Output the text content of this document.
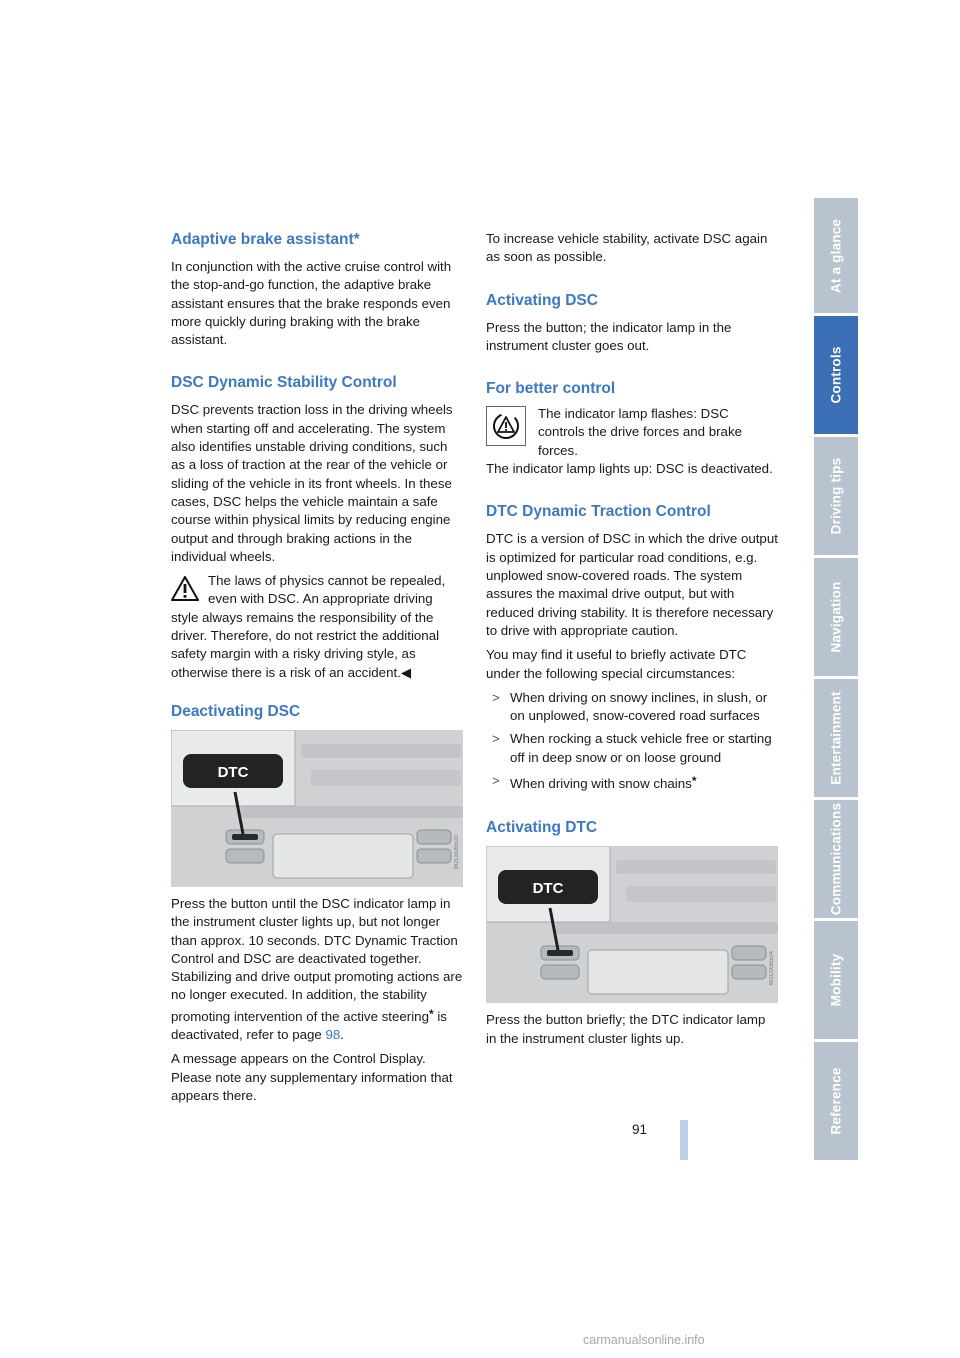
At a glance
Controls
Driving tips
Navigation
Entertainment
Communications
Mobility
Reference
Adaptive brake assistant*

In conjunction with the active cruise control with the stop-and-go function, the adaptive brake assistant ensures that the brake responds even more quickly during braking with the brake assistant.

DSC Dynamic Stability Control

DSC prevents traction loss in the driving wheels when starting off and accelerating. The system also identifies unstable driving conditions, such as a loss of traction at the rear of the vehicle or sliding of the vehicle in its front wheels. In these cases, DSC helps the vehicle maintain a safe course within physical limits by reducing engine output and through braking actions in the individual wheels.

The laws of physics cannot be repealed, even with DSC. An appropriate driving

style always remains the responsibility of the driver. Therefore, do not restrict the additional safety margin with a risky driving style, as otherwise there is a risk of an accident.◀

Deactivating DSC
DTC
W2C0065D0

Press the button until the DSC indicator lamp in the instrument cluster lights up, but not longer than approx. 10 seconds. DTC Dynamic Traction Control and DSC are deactivated together. Stabilizing and drive output promoting actions are no longer executed. In addition, the stability promoting intervention of the active steering* is deactivated, refer to page 98.

A message appears on the Control Display. Please note any supplementary information that appears there.

To increase vehicle stability, activate DSC again as soon as possible.

Activating DSC

Press the button; the indicator lamp in the instrument cluster goes out.

For better control

The indicator lamp flashes: DSC controls the drive forces and brake forces.

The indicator lamp lights up: DSC is deactivated.

DTC Dynamic Traction Control

DTC is a version of DSC in which the drive output is optimized for particular road conditions, e.g. unplowed snow-covered roads. The system assures the maximal drive output, but with reduced driving stability. It is therefore necessary to drive with appropriate caution.

You may find it useful to briefly activate DTC under the following special circumstances:

> When driving on snowy inclines, in slush, or on unplowed, snow-covered road surfaces
> When rocking a stuck vehicle free or starting off in deep snow or on loose ground
> When driving with snow chains*
Activating DTC
DTC
W2C0065D4

Press the button briefly; the DTC indicator lamp in the instrument cluster lights up.

91
carmanualsonline.info
